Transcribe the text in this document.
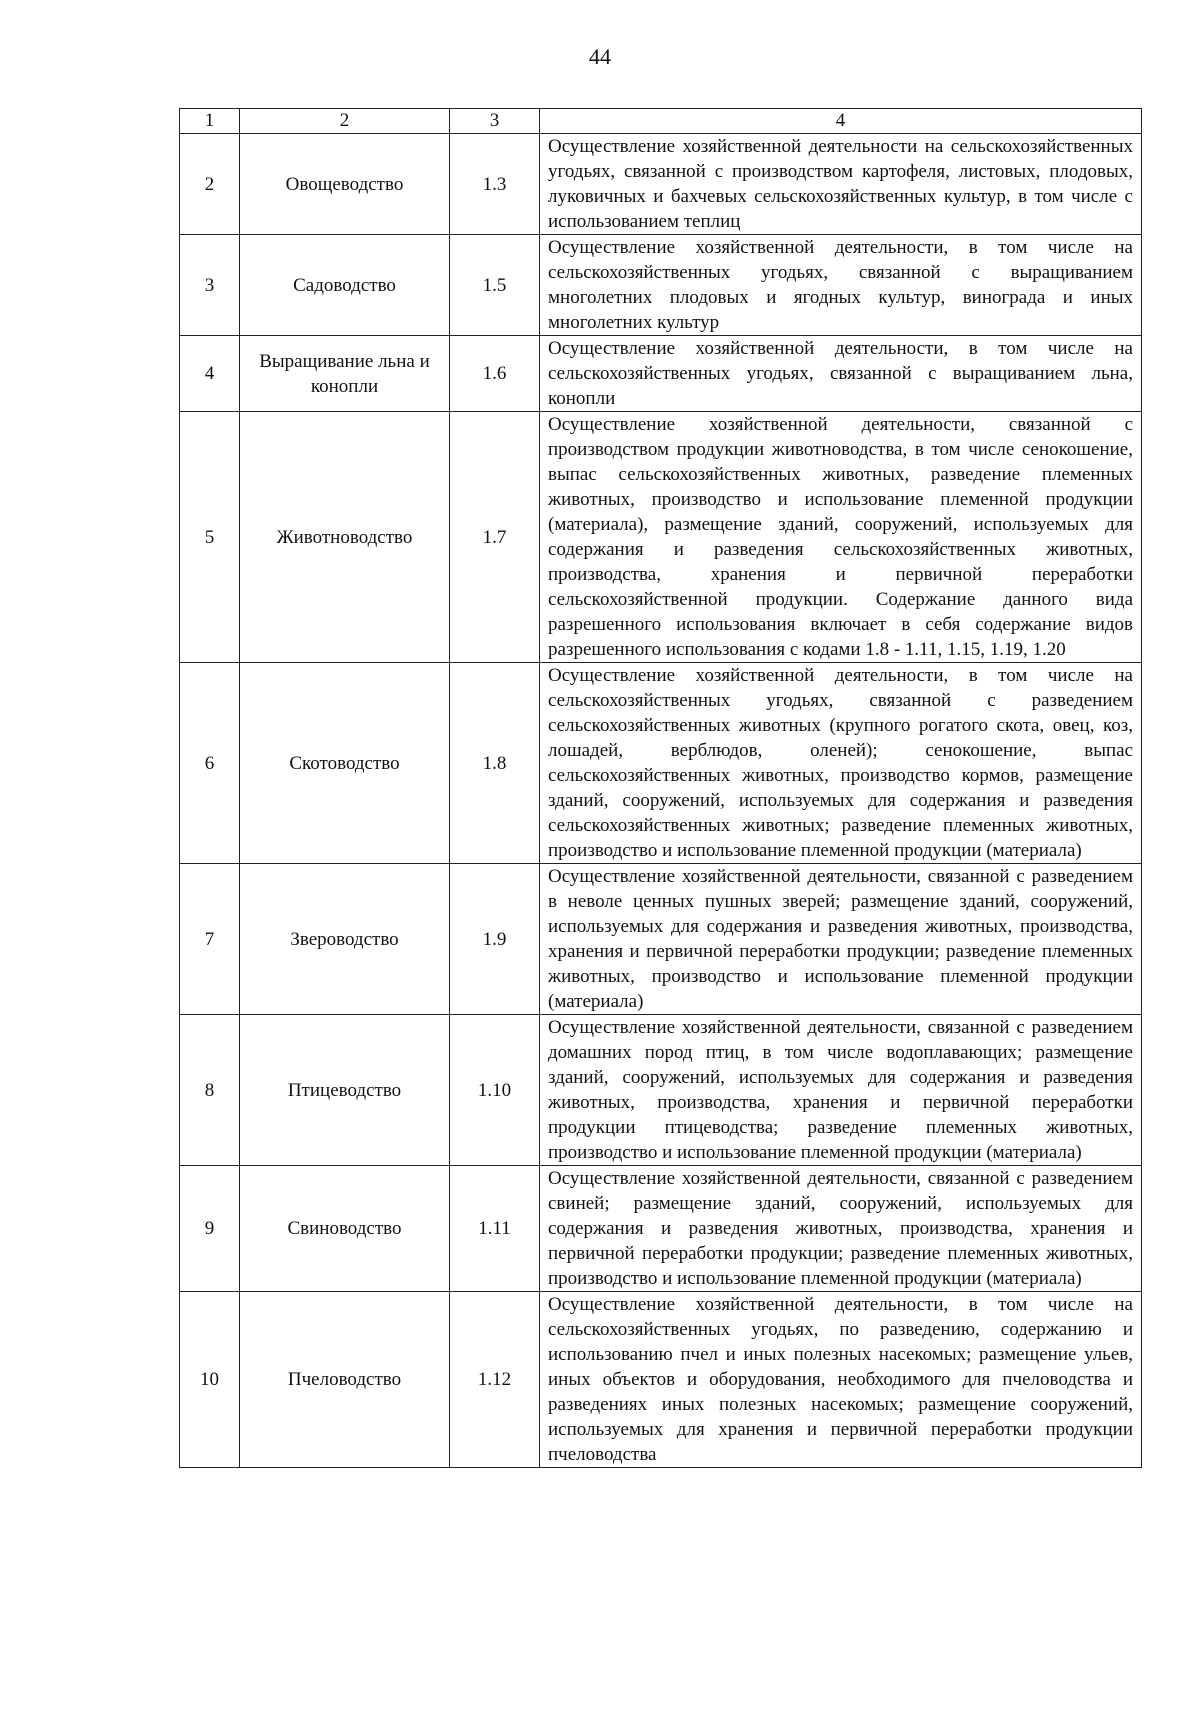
44
1	2	3	4
2	Овощеводство	1.3	Осуществление хозяйственной деятельности на сельскохозяйственных угодьях, связанной с производством картофеля, листовых, плодовых, луковичных и бахчевых сельскохозяйственных культур, в том числе с использованием теплиц
3	Садоводство	1.5	Осуществление хозяйственной деятельности, в том числе на сельскохозяйственных угодьях, связанной с выращиванием многолетних плодовых и ягодных культур, винограда и иных многолетних культур
4	Выращивание льна и конопли	1.6	Осуществление хозяйственной деятельности, в том числе на сельскохозяйственных угодьях, связанной с выращиванием льна, конопли
5	Животноводство	1.7	Осуществление хозяйственной деятельности, связанной с производством продукции животноводства, в том числе сенокошение, выпас сельскохозяйственных животных, разведение племенных животных, производство и использование племенной продукции (материала), размещение зданий, сооружений, используемых для содержания и разведения сельскохозяйственных животных, производства, хранения и первичной переработки сельскохозяйственной продукции. Содержание данного вида разрешенного использования включает в себя содержание видов разрешенного использования с кодами 1.8 - 1.11, 1.15, 1.19, 1.20
6	Скотоводство	1.8	Осуществление хозяйственной деятельности, в том числе на сельскохозяйственных угодьях, связанной с разведением сельскохозяйственных животных (крупного рогатого скота, овец, коз, лошадей, верблюдов, оленей); сенокошение, выпас сельскохозяйственных животных, производство кормов, размещение зданий, сооружений, используемых для содержания и разведения сельскохозяйственных животных; разведение племенных животных, производство и использование племенной продукции (материала)
7	Звероводство	1.9	Осуществление хозяйственной деятельности, связанной с разведением в неволе ценных пушных зверей; размещение зданий, сооружений, используемых для содержания и разведения животных, производства, хранения и первичной переработки продукции; разведение племенных животных, производство и использование племенной продукции (материала)
8	Птицеводство	1.10	Осуществление хозяйственной деятельности, связанной с разведением домашних пород птиц, в том числе водоплавающих; размещение зданий, сооружений, используемых для содержания и разведения животных, производства, хранения и первичной переработки продукции птицеводства; разведение племенных животных, производство и использование племенной продукции (материала)
9	Свиноводство	1.11	Осуществление хозяйственной деятельности, связанной с разведением свиней; размещение зданий, сооружений, используемых для содержания и разведения животных, производства, хранения и первичной переработки продукции; разведение племенных животных, производство и использование племенной продукции (материала)
10	Пчеловодство	1.12	Осуществление хозяйственной деятельности, в том числе на сельскохозяйственных угодьях, по разведению, содержанию и использованию пчел и иных полезных насекомых; размещение ульев, иных объектов и оборудования, необходимого для пчеловодства и разведениях иных полезных насекомых; размещение сооружений, используемых для хранения и первичной переработки продукции пчеловодства
